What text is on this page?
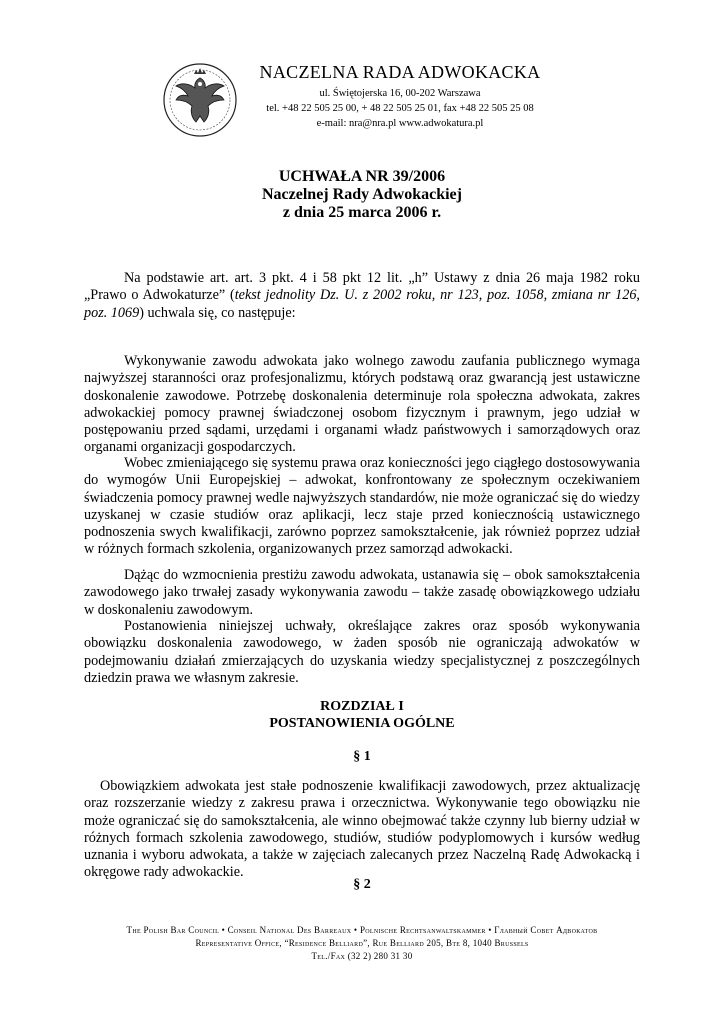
NACZELNA RADA ADWOKACKA
ul. Świętojerska 16, 00-202 Warszawa
tel. +48 22 505 25 00, + 48 22 505 25 01, fax +48 22 505 25 08
e-mail: nra@nra.pl www.adwokatura.pl
UCHWAŁA NR 39/2006
Naczelnej Rady Adwokackiej
z dnia 25 marca 2006 r.
Na podstawie art. art. 3 pkt. 4 i 58 pkt 12 lit. „h” Ustawy z dnia 26 maja 1982 roku „Prawo o Adwokaturze” (tekst jednolity Dz. U. z 2002 roku, nr 123, poz. 1058, zmiana nr 126, poz. 1069) uchwala się, co następuje:
Wykonywanie zawodu adwokata jako wolnego zawodu zaufania publicznego wymaga najwyższej staranności oraz profesjonalizmu, których podstawą oraz gwarancją jest ustawiczne doskonalenie zawodowe. Potrzebę doskonalenia determinuje rola społeczna adwokata, zakres adwokackiej pomocy prawnej świadczonej osobom fizycznym i prawnym, jego udział w postępowaniu przed sądami, urzędami i organami władz państwowych i samorządowych oraz organami organizacji gospodarczych.
Wobec zmieniającego się systemu prawa oraz konieczności jego ciągłego dostosowywania do wymogów Unii Europejskiej – adwokat, konfrontowany ze społecznym oczekiwaniem świadczenia pomocy prawnej wedle najwyższych standardów, nie może ograniczać się do wiedzy uzyskanej w czasie studiów oraz aplikacji, lecz staje przed koniecznością ustawicznego podnoszenia swych kwalifikacji, zarówno poprzez samokształcenie, jak również poprzez udział w różnych formach szkolenia, organizowanych przez samorząd adwokacki.
Dążąc do wzmocnienia prestiżu zawodu adwokata, ustanawia się – obok samokształcenia zawodowego jako trwałej zasady wykonywania zawodu – także zasadę obowiązkowego udziału w doskonaleniu zawodowym.
Postanowienia niniejszej uchwały, określające zakres oraz sposób wykonywania obowiązku doskonalenia zawodowego, w żaden sposób nie ograniczają adwokatów w podejmowaniu działań zmierzających do uzyskania wiedzy specjalistycznej z poszczególnych dziedzin prawa we własnym zakresie.
ROZDZIAŁ I
POSTANOWIENIA OGÓLNE
§ 1
Obowiązkiem adwokata jest stałe podnoszenie kwalifikacji zawodowych, przez aktualizację oraz rozszerzanie wiedzy z zakresu prawa i orzecznictwa. Wykonywanie tego obowiązku nie może ograniczać się do samokształcenia, ale winno obejmować także czynny lub bierny udział w różnych formach szkolenia zawodowego, studiów, studiów podyplomowych i kursów według uznania i wyboru adwokata, a także w zajęciach zalecanych przez Naczelną Radę Adwokacką i okręgowe rady adwokackie.
§ 2
The Polish Bar Council • Conseil National Des Barreaux • Polnische Rechtsanwaltskammer • Главный Совет Адвокатов
Representative Office, “Residence Belliard”, Rue Belliard 205, Bte 8, 1040 Brussels
Tel./Fax (32 2) 280 31 30
